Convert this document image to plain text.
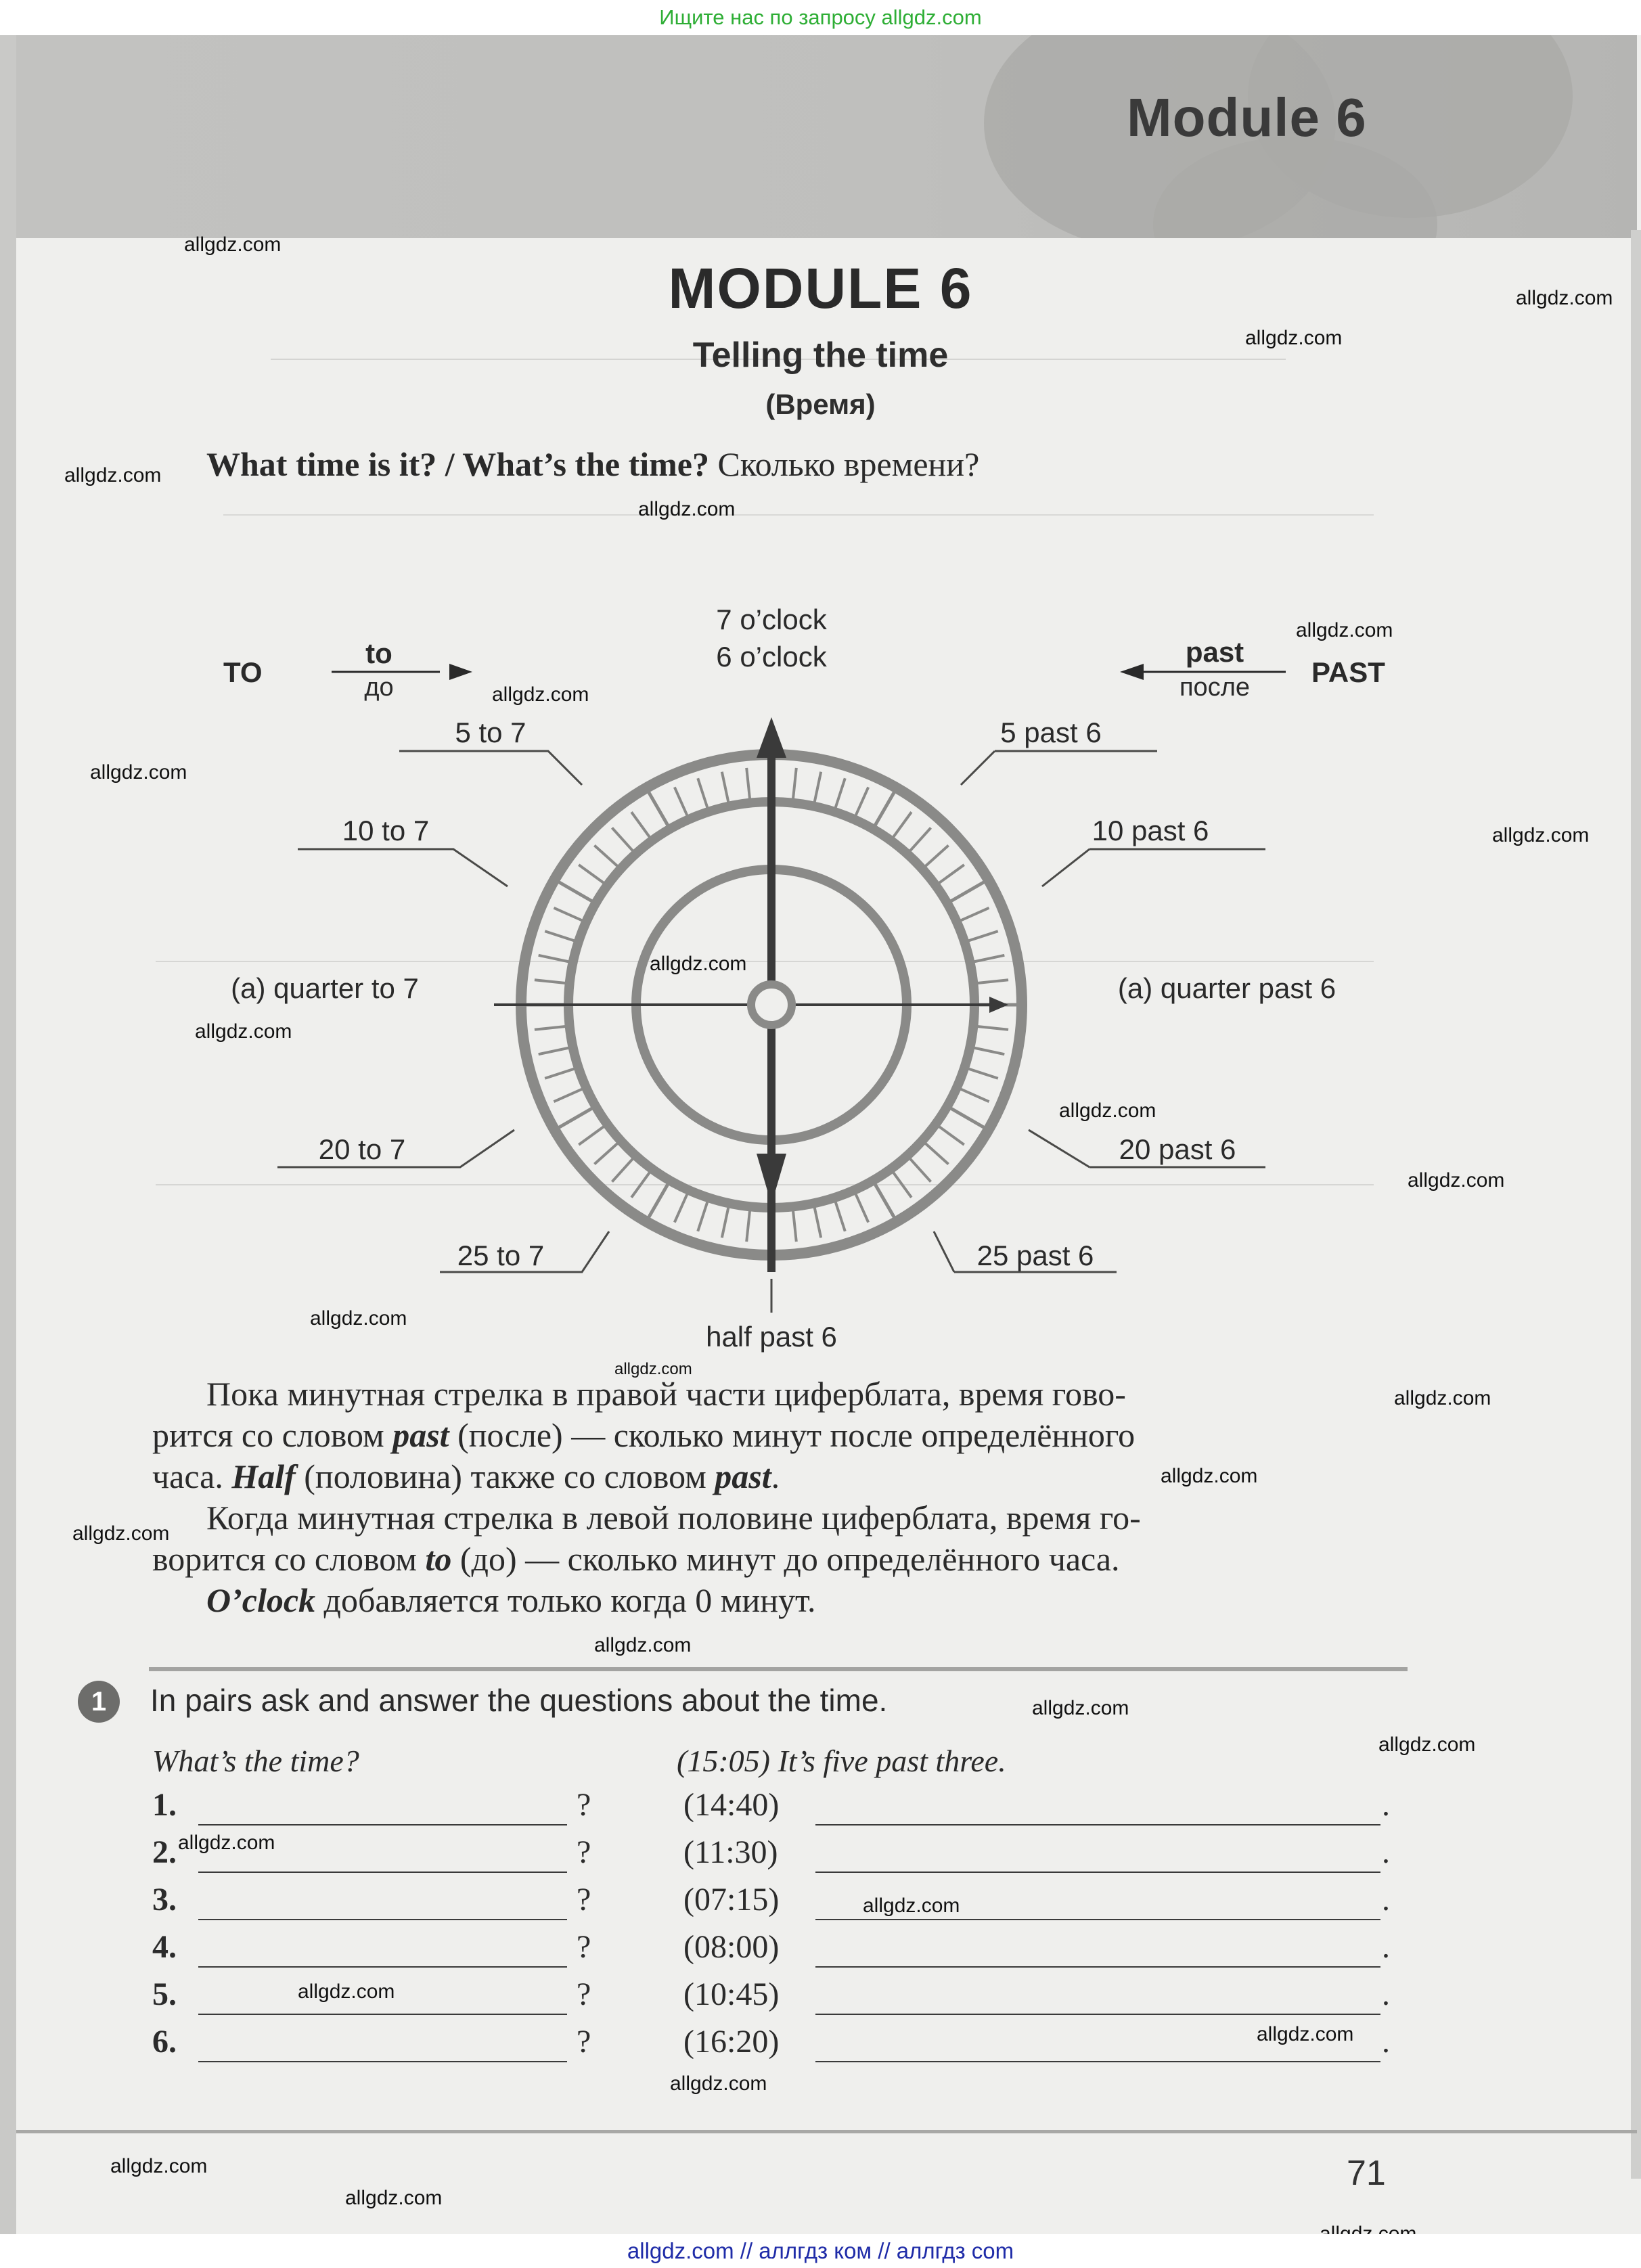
Ищите нас по запросу allgdz.com
Module 6
MODULE 6
Telling the time
(Время)
What time is it? / What’s the time? Сколько времени?
7 o’clock
6 o’clock
TO
to
до	PAST
past
после
5 to 7
10 to 7
(a) quarter to 7
20 to 7
25 to 7
5 past 6
10 past 6
(a) quarter past 6
20 past 6
25 past 6
half past 6
Пока минутная стрелка в правой части циферблата, время гово-
рится со словом past (после) — сколько минут после определённого
часа. Half (половина) также со словом past.
Когда минутная стрелка в левой половине циферблата, время го-
ворится со словом to (до) — сколько минут до определённого часа.
O’clock добавляется только когда 0 минут.
1	In pairs ask and answer the questions about the time.
What’s the time?	(15:05) It’s five past three.
1.	?	(14:40)	.
2.	?	(11:30)	.
3.	?	(07:15)	.
4.	?	(08:00)	.
5.	?	(10:45)	.
6.	?	(16:20)	.
71
allgdz.com
allgdz.com
allgdz.com
allgdz.com
allgdz.com
allgdz.com
allgdz.com
allgdz.com
allgdz.com
allgdz.com
allgdz.com
allgdz.com
allgdz.com
allgdz.com
allgdz.com
allgdz.com
allgdz.com
allgdz.com
allgdz.com
allgdz.com
allgdz.com
allgdz.com
allgdz.com
allgdz.com
allgdz.com
allgdz.com
allgdz.com
allgdz.com
allgdz.com // аллгдз ком // аллгдз com
